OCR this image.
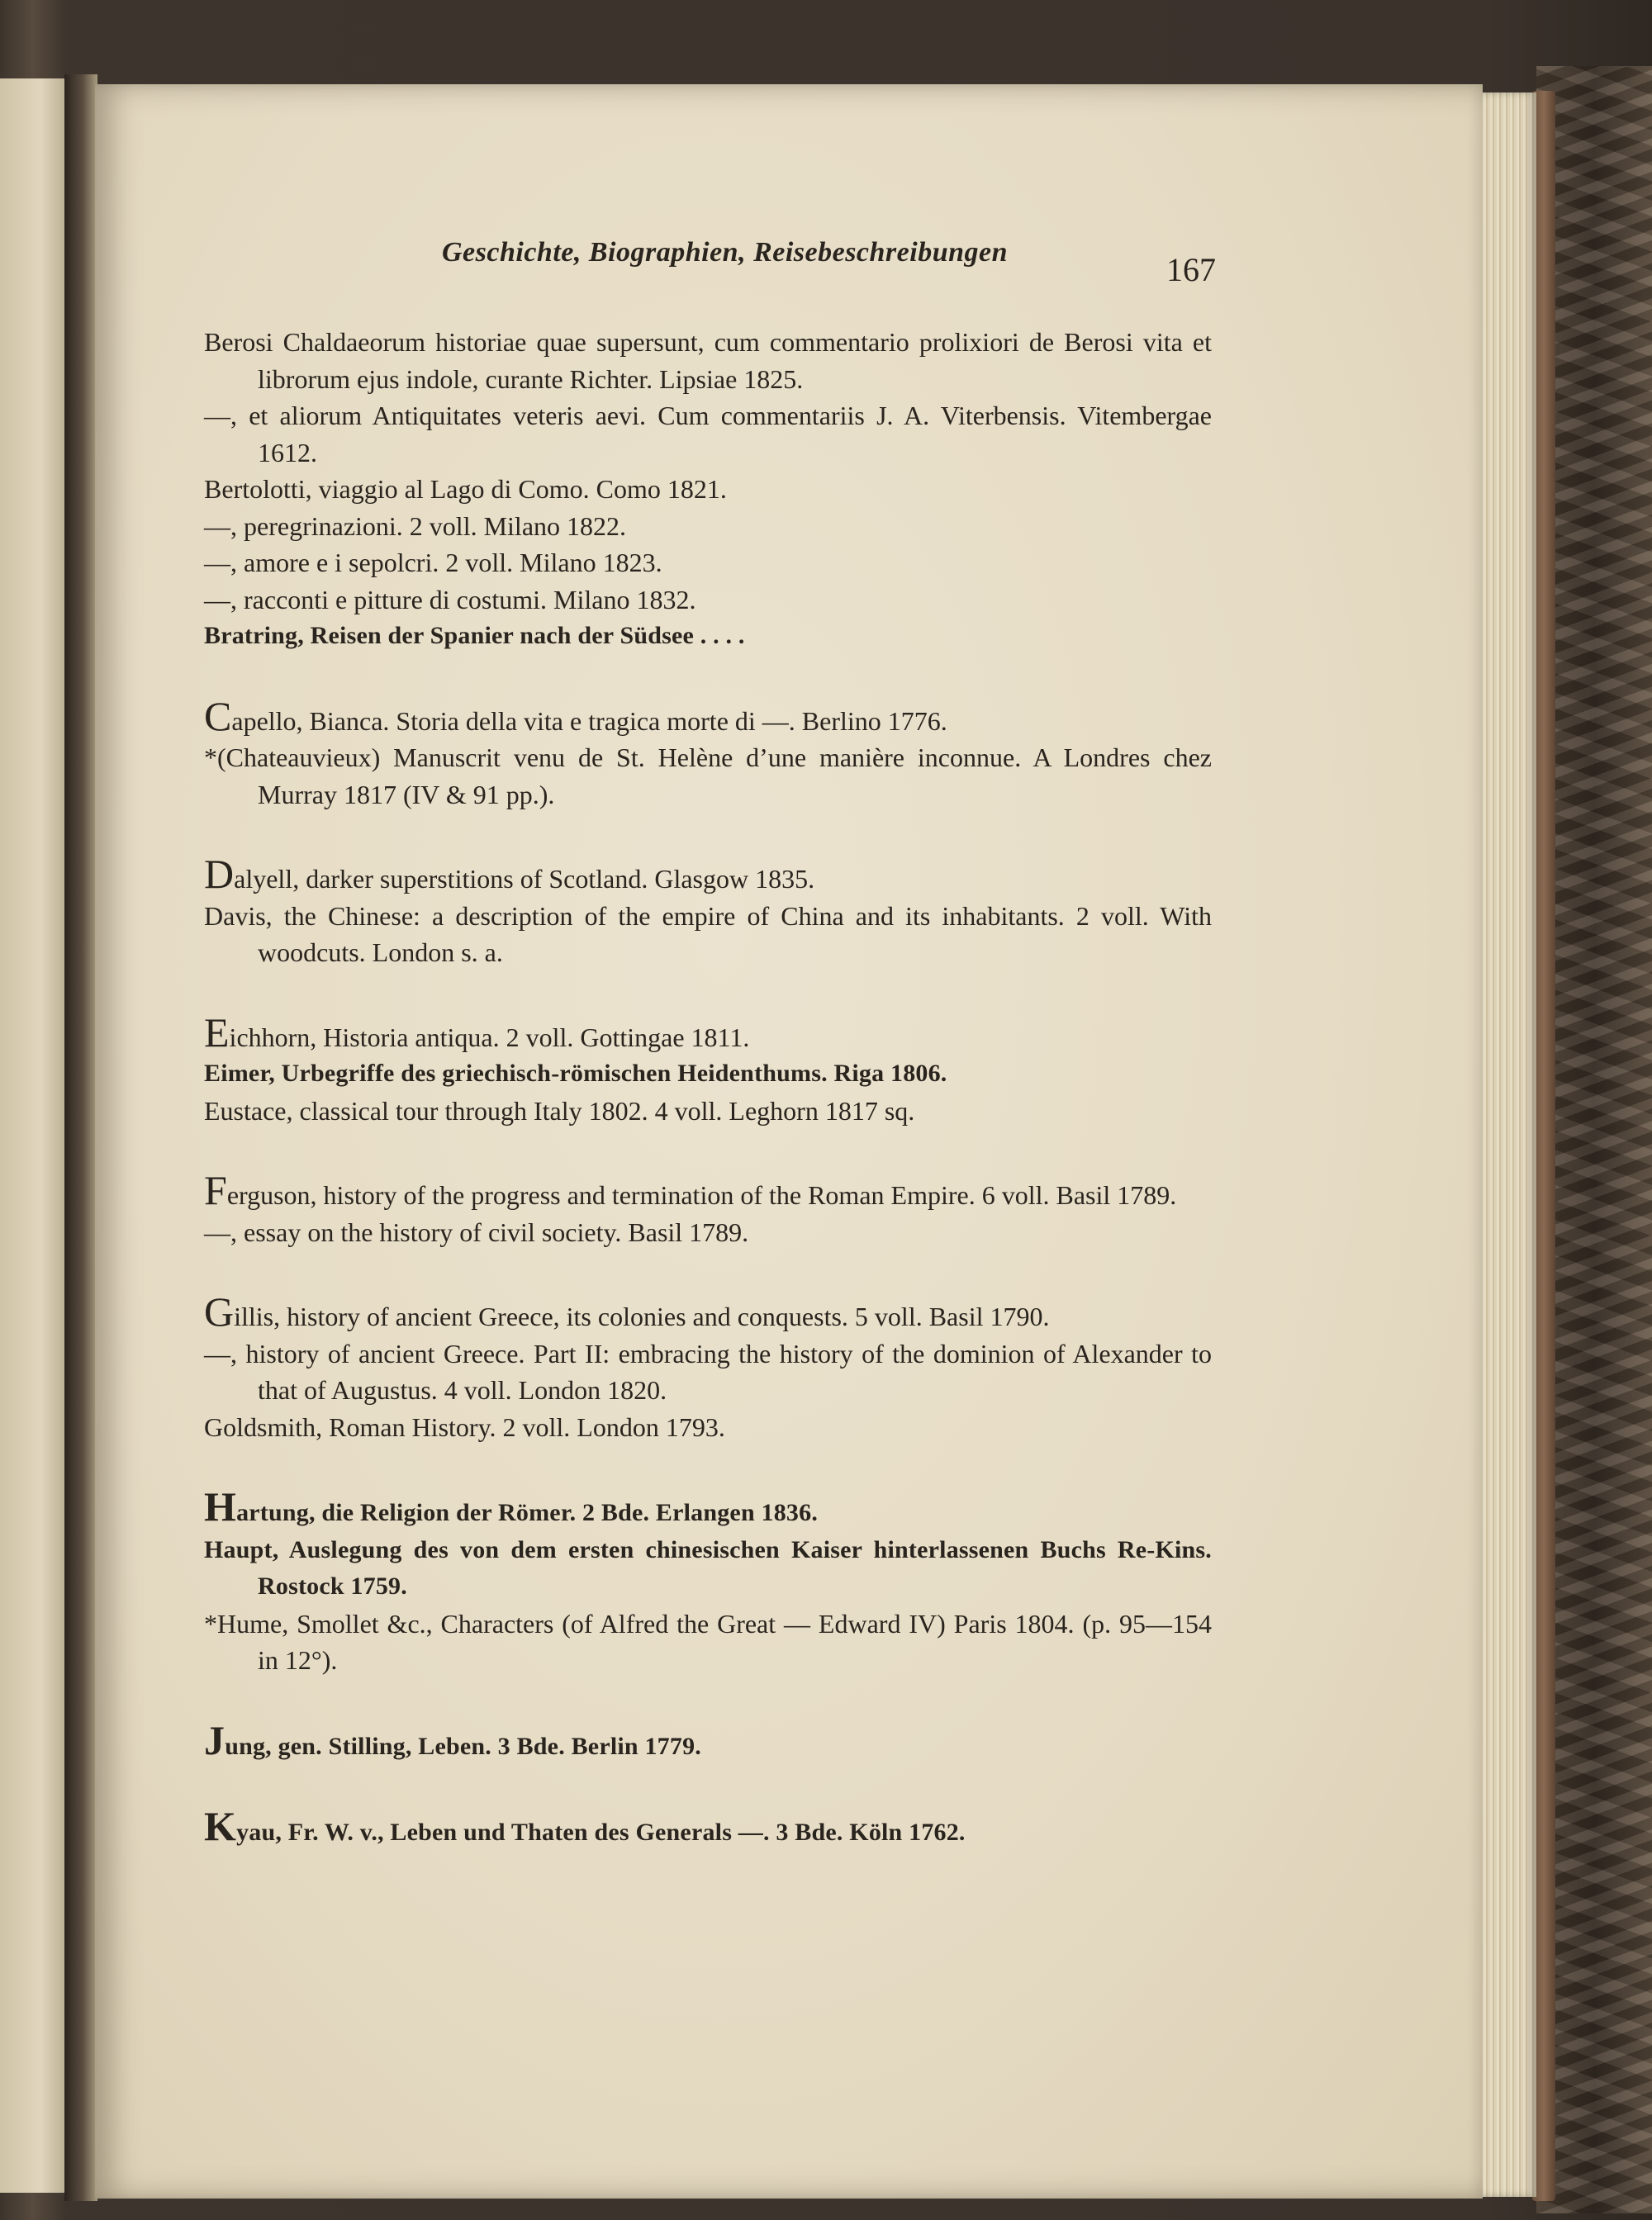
Geschichte, Biographien, Reisebeschreibungen	167

Berosi Chaldaeorum historiae quae supersunt, cum commentario prolixiori de Berosi vita et librorum ejus indole, curante Richter. Lipsiae 1825.

—, et aliorum Antiquitates veteris aevi. Cum commentariis J. A. Viterbensis. Vitembergae 1612.

Bertolotti, viaggio al Lago di Como. Como 1821.

—, peregrinazioni. 2 voll. Milano 1822.

—, amore e i sepolcri. 2 voll. Milano 1823.

—, racconti e pitture di costumi. Milano 1832.

Bratring, Reisen der Spanier nach der Südsee . . . .

Capello, Bianca. Storia della vita e tragica morte di —. Berlino 1776.

*(Chateauvieux) Manuscrit venu de St. Helène d’une manière inconnue. A Londres chez Murray 1817 (IV & 91 pp.).

Dalyell, darker superstitions of Scotland. Glasgow 1835.

Davis, the Chinese: a description of the empire of China and its inhabitants. 2 voll. With woodcuts. London s. a.

Eichhorn, Historia antiqua. 2 voll. Gottingae 1811.

Eimer, Urbegriffe des griechisch-römischen Heidenthums. Riga 1806.

Eustace, classical tour through Italy 1802. 4 voll. Leghorn 1817 sq.

Ferguson, history of the progress and termination of the Roman Empire. 6 voll. Basil 1789.

—, essay on the history of civil society. Basil 1789.

Gillis, history of ancient Greece, its colonies and conquests. 5 voll. Basil 1790.

—, history of ancient Greece. Part II: embracing the history of the dominion of Alexander to that of Augustus. 4 voll. London 1820.

Goldsmith, Roman History. 2 voll. London 1793.

Hartung, die Religion der Römer. 2 Bde. Erlangen 1836.

Haupt, Auslegung des von dem ersten chinesischen Kaiser hinterlassenen Buchs Re-Kins. Rostock 1759.

*Hume, Smollet &c., Characters (of Alfred the Great — Edward IV) Paris 1804. (p. 95—154 in 12°).

Jung, gen. Stilling, Leben. 3 Bde. Berlin 1779.

Kyau, Fr. W. v., Leben und Thaten des Generals —. 3 Bde. Köln 1762.
